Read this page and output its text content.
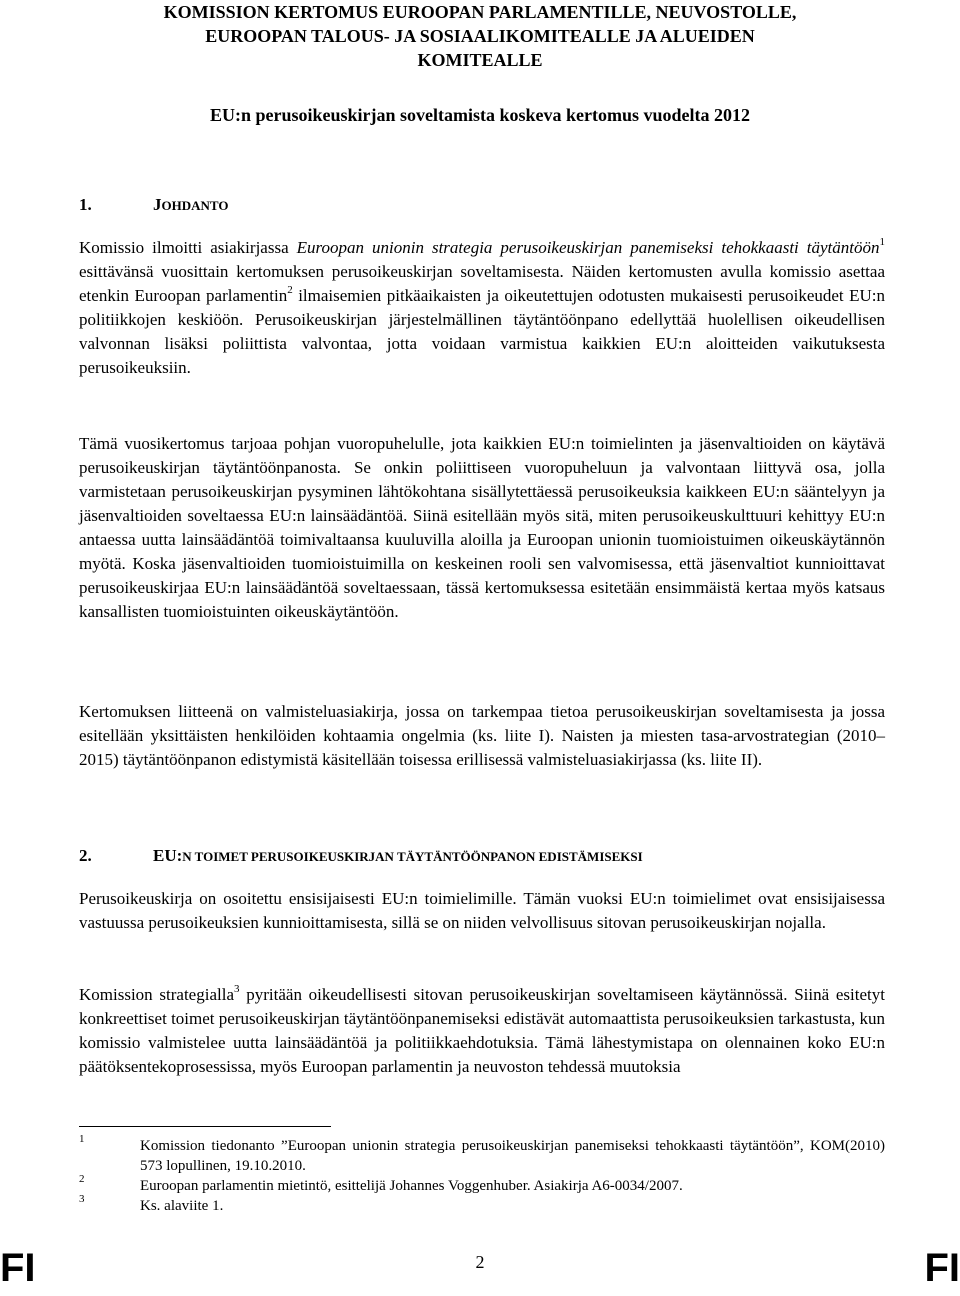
KOMISSION KERTOMUS EUROOPAN PARLAMENTILLE, NEUVOSTOLLE,
EUROOPAN TALOUS- JA SOSIAALIKOMITEALLE JA ALUEIDEN
KOMITEALLE
EU:n perusoikeuskirjan soveltamista koskeva kertomus vuodelta 2012
1.	JOHDANTO
Komissio ilmoitti asiakirjassa Euroopan unionin strategia perusoikeuskirjan panemiseksi tehokkaasti täytäntöön$^1$ esittävänsä vuosittain kertomuksen perusoikeuskirjan soveltamisesta. Näiden kertomusten avulla komissio asettaa etenkin Euroopan parlamentin$^2$ ilmaisemien pitkäaikaisten ja oikeutettujen odotusten mukaisesti perusoikeudet EU:n politiikkojen keskiöön. Perusoikeuskirjan järjestelmällinen täytäntöönpano edellyttää huolellisen oikeudellisen valvonnan lisäksi poliittista valvontaa, jotta voidaan varmistua kaikkien EU:n aloitteiden vaikutuksesta perusoikeuksiin.
Tämä vuosikertomus tarjoaa pohjan vuoropuhelulle, jota kaikkien EU:n toimielinten ja jäsenvaltioiden on käytävä perusoikeuskirjan täytäntöönpanosta. Se onkin poliittiseen vuoropuheluun ja valvontaan liittyvä osa, jolla varmistetaan perusoikeuskirjan pysyminen lähtökohtana sisällytettäessä perusoikeuksia kaikkeen EU:n sääntelyyn ja jäsenvaltioiden soveltaessa EU:n lainsäädäntöä. Siinä esitellään myös sitä, miten perusoikeuskulttuuri kehittyy EU:n antaessa uutta lainsäädäntöä toimivaltaansa kuuluvilla aloilla ja Euroopan unionin tuomioistuimen oikeuskäytännön myötä. Koska jäsenvaltioiden tuomioistuimilla on keskeinen rooli sen valvomisessa, että jäsenvaltiot kunnioittavat perusoikeuskirjaa EU:n lainsäädäntöä soveltaessaan, tässä kertomuksessa esitetään ensimmäistä kertaa myös katsaus kansallisten tuomioistuinten oikeuskäytäntöön.
Kertomuksen liitteenä on valmisteluasiakirja, jossa on tarkempaa tietoa perusoikeuskirjan soveltamisesta ja jossa esitellään yksittäisten henkilöiden kohtaamia ongelmia (ks. liite I). Naisten ja miesten tasa-arvostrategian (2010–2015) täytäntöönpanon edistymistä käsitellään toisessa erillisessä valmisteluasiakirjassa (ks. liite II).
2.	EU:N TOIMET PERUSOIKEUSKIRJAN TÄYTÄNTÖÖNPANON EDISTÄMISEKSI
Perusoikeuskirja on osoitettu ensisijaisesti EU:n toimielimille. Tämän vuoksi EU:n toimielimet ovat ensisijaisessa vastuussa perusoikeuksien kunnioittamisesta, sillä se on niiden velvollisuus sitovan perusoikeuskirjan nojalla.
Komission strategialla$^3$ pyritään oikeudellisesti sitovan perusoikeuskirjan soveltamiseen käytännössä. Siinä esitetyt konkreettiset toimet perusoikeuskirjan täytäntöönpanemiseksi edistävät automaattista perusoikeuksien tarkastusta, kun komissio valmistelee uutta lainsäädäntöä ja politiikkaehdotuksia. Tämä lähestymistapa on olennainen koko EU:n päätöksentekoprosessissa, myös Euroopan parlamentin ja neuvoston tehdessä muutoksia
1	Komission tiedonanto ”Euroopan unionin strategia perusoikeuskirjan panemiseksi tehokkaasti täytäntöön”, KOM(2010) 573 lopullinen, 19.10.2010.
2	Euroopan parlamentin mietintö, esittelijä Johannes Voggenhuber. Asiakirja A6-0034/2007.
3	Ks. alaviite 1.
FI	2	FI
